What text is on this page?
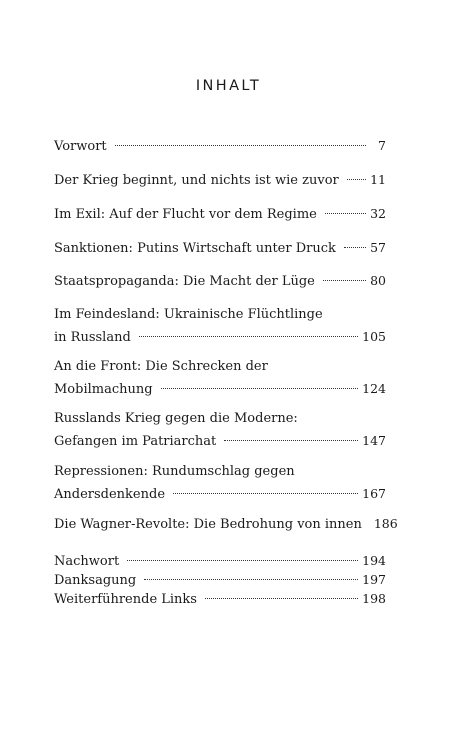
INHALT
Vorwort	7
Der Krieg beginnt, und nichts ist wie zuvor	11
Im Exil: Auf der Flucht vor dem Regime	32
Sanktionen: Putins Wirtschaft unter Druck	57
Staatspropaganda: Die Macht der Lüge	80
Im Feindesland: Ukrainische Flüchtlinge
in Russland	105
An die Front: Die Schrecken der
Mobilmachung	124
Russlands Krieg gegen die Moderne:
Gefangen im Patriarchat	147
Repressionen: Rundumschlag gegen
Andersdenkende	167
Die Wagner-Revolte: Die Bedrohung von innen 186
Nachwort	194
Danksagung	197
Weiterführende Links	198
